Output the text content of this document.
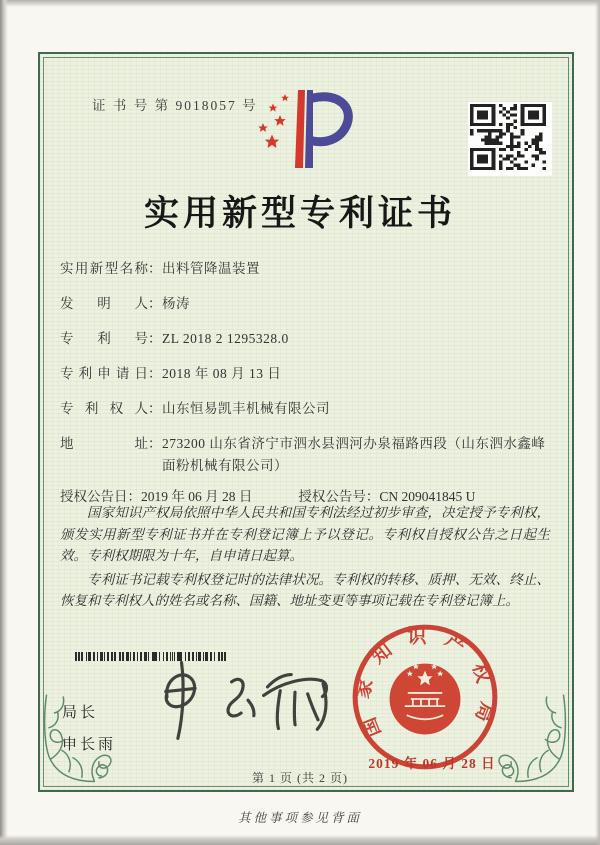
证 书 号 第 9018057 号
实用新型专利证书
实用新型名称 ： 出料管降温装置
发明人 ： 杨涛
专利号 ： ZL 2018 2 1295328.0
专利申请日 ： 2018 年 08 月 13 日
专利权人 ： 山东恒易凯丰机械有限公司
地址 ： 273200 山东省济宁市泗水县泗河办泉福路西段（山东泗水鑫峰面粉机械有限公司）
授权公告日 ： 2019 年 06 月 28 日	授权公告号 ： CN 209041845 U

国家知识产权局依照中华人民共和国专利法经过初步审查，决定授予专利权，颁发实用新型专利证书并在专利登记簿上予以登记。专利权自授权公告之日起生效。专利权期限为十年，自申请日起算。

专利证书记载专利权登记时的法律状况。专利权的转移、质押、无效、终止、恢复和专利权人的姓名或名称、国籍、地址变更等事项记载在专利登记簿上。

局长
申长雨
国家知识产权局
2019 年 06 月 28 日
第 1 页 (共 2 页)
其他事项参见背面
